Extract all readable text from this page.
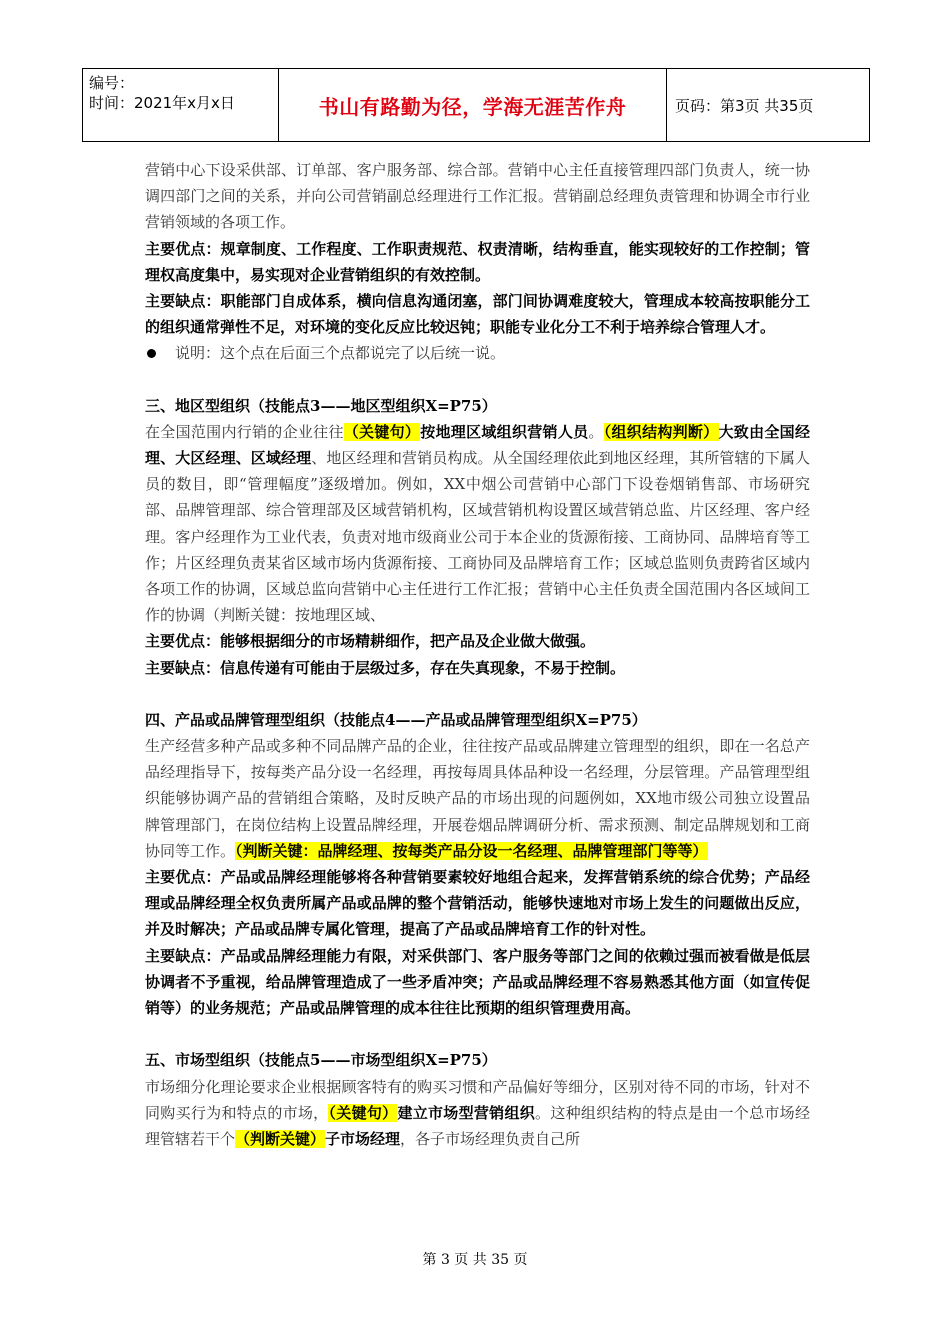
编号：
时间：2021年x月x日	书山有路勤为径，学海无涯苦作舟	页码：第3页 共35页
营销中心下设采供部、订单部、客户服务部、综合部。营销中心主任直接管理四部门负责人，统一协调四部门之间的关系，并向公司营销副总经理进行工作汇报。营销副总经理负责管理和协调全市行业营销领域的各项工作。
主要优点：规章制度、工作程度、工作职责规范、权责清晰，结构垂直，能实现较好的工作控制；管理权高度集中，易实现对企业营销组织的有效控制。
主要缺点：职能部门自成体系，横向信息沟通闭塞，部门间协调难度较大，管理成本较高按职能分工的组织通常弹性不足，对环境的变化反应比较迟钝；职能专业化分工不利于培养综合管理人才。
说明：这个点在后面三个点都说完了以后统一说。
三、地区型组织（技能点3——地区型组织X=P75）
在全国范围内行销的企业往往（关键句）按地理区域组织营销人员。（组织结构判断）大致由全国经理、大区经理、区域经理、地区经理和营销员构成。从全国经理依此到地区经理，其所管辖的下属人员的数目，即“管理幅度”逐级增加。例如，XX中烟公司营销中心部门下设卷烟销售部、市场研究部、品牌管理部、综合管理部及区域营销机构，区域营销机构设置区域营销总监、片区经理、客户经理。客户经理作为工业代表，负责对地市级商业公司于本企业的货源衔接、工商协同、品牌培育等工作；片区经理负责某省区域市场内货源衔接、工商协同及品牌培育工作；区域总监则负责跨省区域内各项工作的协调，区域总监向营销中心主任进行工作汇报；营销中心主任负责全国范围内各区域间工作的协调（判断关键：按地理区域、
主要优点：能够根据细分的市场精耕细作，把产品及企业做大做强。
主要缺点：信息传递有可能由于层级过多，存在失真现象，不易于控制。
四、产品或品牌管理型组织（技能点4——产品或品牌管理型组织X=P75）
生产经营多种产品或多种不同品牌产品的企业，往往按产品或品牌建立管理型的组织，即在一名总产品经理指导下，按每类产品分设一名经理，再按每周具体品种设一名经理，分层管理。产品管理型组织能够协调产品的营销组合策略，及时反映产品的市场出现的问题例如，XX地市级公司独立设置品牌管理部门，在岗位结构上设置品牌经理，开展卷烟品牌调研分析、需求预测、制定品牌规划和工商协同等工作。（判断关键：品牌经理、按每类产品分设一名经理、品牌管理部门等等）
主要优点：产品或品牌经理能够将各种营销要素较好地组合起来，发挥营销系统的综合优势；产品经理或品牌经理全权负责所属产品或品牌的整个营销活动，能够快速地对市场上发生的问题做出反应，并及时解决；产品或品牌专属化管理，提高了产品或品牌培育工作的针对性。
主要缺点：产品或品牌经理能力有限，对采供部门、客户服务等部门之间的依赖过强而被看做是低层协调者不予重视，给品牌管理造成了一些矛盾冲突；产品或品牌经理不容易熟悉其他方面（如宣传促销等）的业务规范；产品或品牌管理的成本往往比预期的组织管理费用高。
五、市场型组织（技能点5——市场型组织X=P75）
市场细分化理论要求企业根据顾客特有的购买习惯和产品偏好等细分，区别对待不同的市场，针对不同购买行为和特点的市场，（关键句）建立市场型营销组织。这种组织结构的特点是由一个总市场经理管辖若干个（判断关键）子市场经理，各子市场经理负责自己所
第 3 页 共 35 页
